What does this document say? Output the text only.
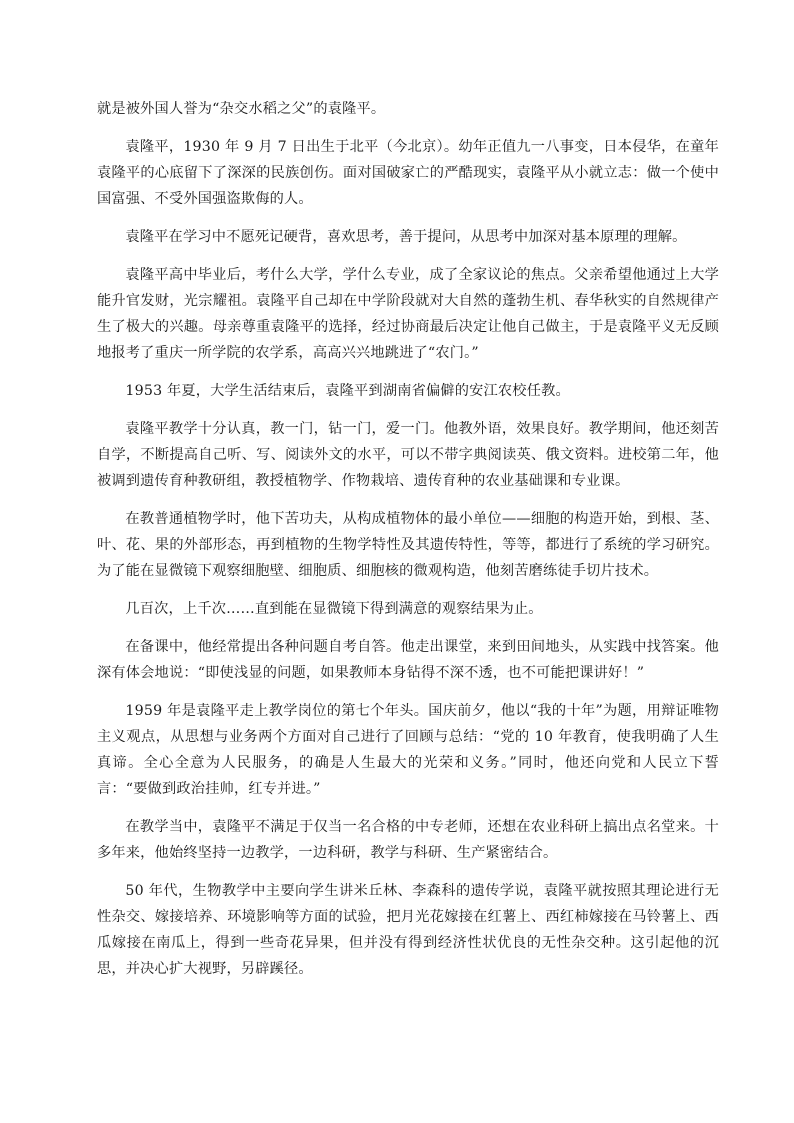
就是被外国人誉为“杂交水稻之父”的袁隆平。

袁隆平，1930 年 9 月 7 日出生于北平（今北京）。幼年正值九一八事变，日本侵华，在童年袁隆平的心底留下了深深的民族创伤。面对国破家亡的严酷现实，袁隆平从小就立志：做一个使中国富强、不受外国强盗欺侮的人。

袁隆平在学习中不愿死记硬背，喜欢思考，善于提问，从思考中加深对基本原理的理解。

袁隆平高中毕业后，考什么大学，学什么专业，成了全家议论的焦点。父亲希望他通过上大学能升官发财，光宗耀祖。袁隆平自己却在中学阶段就对大自然的蓬勃生机、春华秋实的自然规律产生了极大的兴趣。母亲尊重袁隆平的选择，经过协商最后决定让他自己做主，于是袁隆平义无反顾地报考了重庆一所学院的农学系，高高兴兴地跳进了“农门。”

1953 年夏，大学生活结束后，袁隆平到湖南省偏僻的安江农校任教。

袁隆平教学十分认真，教一门，钻一门，爱一门。他教外语，效果良好。教学期间，他还刻苦自学，不断提高自己听、写、阅读外文的水平，可以不带字典阅读英、俄文资料。进校第二年，他被调到遗传育种教研组，教授植物学、作物栽培、遗传育种的农业基础课和专业课。

在教普通植物学时，他下苦功夫，从构成植物体的最小单位——细胞的构造开始，到根、茎、叶、花、果的外部形态，再到植物的生物学特性及其遗传特性，等等，都进行了系统的学习研究。为了能在显微镜下观察细胞壁、细胞质、细胞核的微观构造，他刻苦磨练徒手切片技术。

几百次，上千次……直到能在显微镜下得到满意的观察结果为止。

在备课中，他经常提出各种问题自考自答。他走出课堂，来到田间地头，从实践中找答案。他深有体会地说：“即使浅显的问题，如果教师本身钻得不深不透，也不可能把课讲好！”

1959 年是袁隆平走上教学岗位的第七个年头。国庆前夕，他以“我的十年”为题，用辩证唯物主义观点，从思想与业务两个方面对自己进行了回顾与总结：“党的 10 年教育，使我明确了人生真谛。全心全意为人民服务，的确是人生最大的光荣和义务。”同时，他还向党和人民立下誓言：“要做到政治挂帅，红专并进。”

在教学当中，袁隆平不满足于仅当一名合格的中专老师，还想在农业科研上搞出点名堂来。十多年来，他始终坚持一边教学，一边科研，教学与科研、生产紧密结合。

50 年代，生物教学中主要向学生讲米丘林、李森科的遗传学说，袁隆平就按照其理论进行无性杂交、嫁接培养、环境影响等方面的试验，把月光花嫁接在红薯上、西红柿嫁接在马铃薯上、西瓜嫁接在南瓜上，得到一些奇花异果，但并没有得到经济性状优良的无性杂交种。这引起他的沉思，并决心扩大视野，另辟蹊径。
